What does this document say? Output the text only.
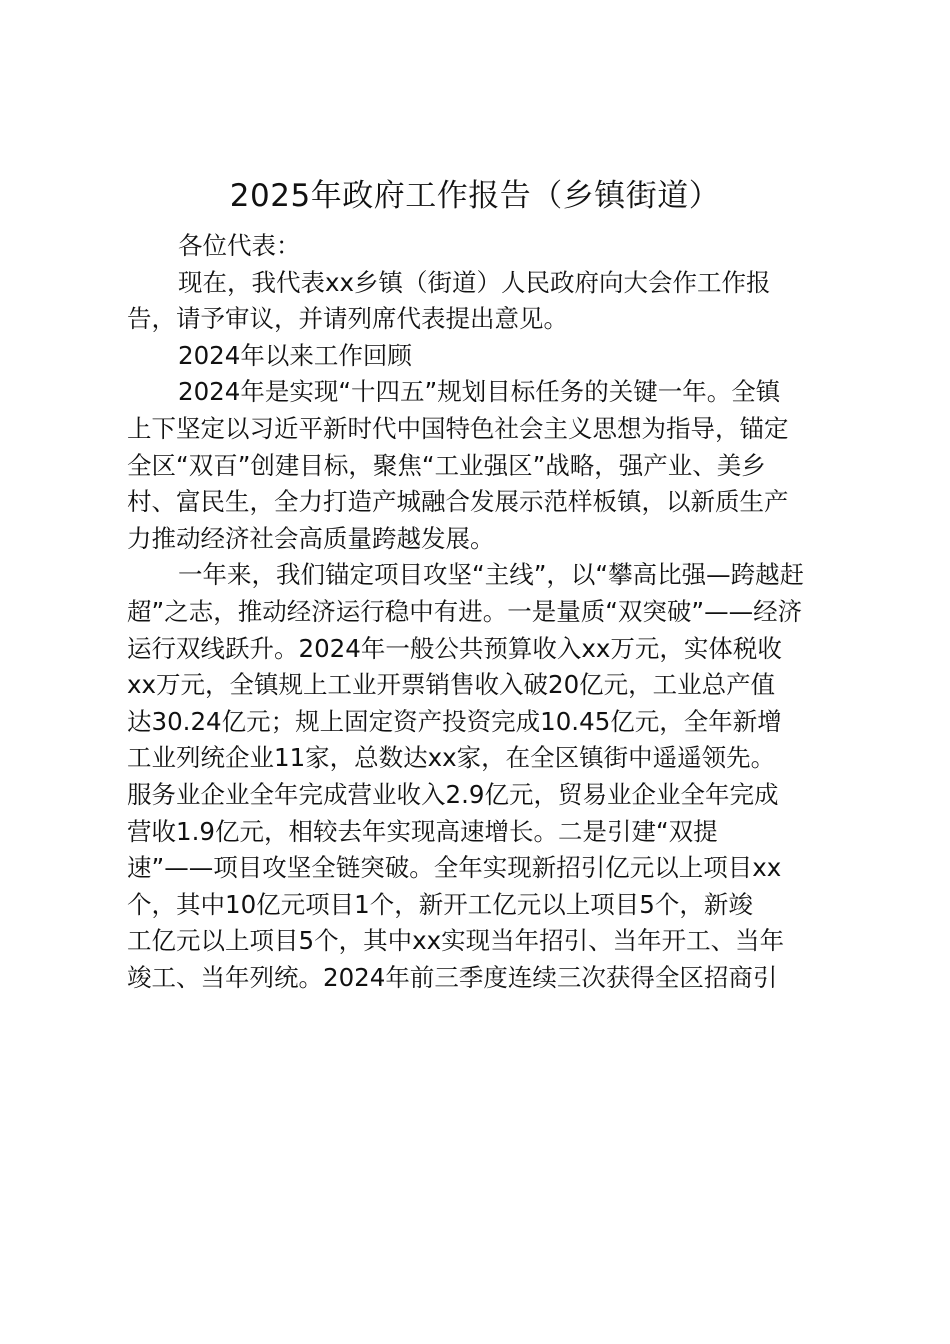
2025年政府工作报告（乡镇街道）
各位代表：
现在，我代表xx乡镇（街道）人民政府向大会作工作报
告，请予审议，并请列席代表提出意见。
2024年以来工作回顾
2024年是实现“十四五”规划目标任务的关键一年。全镇
上下坚定以习近平新时代中国特色社会主义思想为指导，锚定
全区“双百”创建目标，聚焦“工业强区”战略，强产业、美乡
村、富民生，全力打造产城融合发展示范样板镇，以新质生产
力推动经济社会高质量跨越发展。
一年来，我们锚定项目攻坚“主线”，以“攀高比强—跨越赶
超”之志，推动经济运行稳中有进。一是量质“双突破”——经济
运行双线跃升。2024年一般公共预算收入xx万元，实体税收
xx万元，全镇规上工业开票销售收入破20亿元，工业总产值
达30.24亿元；规上固定资产投资完成10.45亿元，全年新增
工业列统企业11家，总数达xx家，在全区镇街中遥遥领先。
服务业企业全年完成营业收入2.9亿元，贸易业企业全年完成
营收1.9亿元，相较去年实现高速增长。二是引建“双提
速”——项目攻坚全链突破。全年实现新招引亿元以上项目xx
个，其中10亿元项目1个，新开工亿元以上项目5个，新竣
工亿元以上项目5个，其中xx实现当年招引、当年开工、当年
竣工、当年列统。2024年前三季度连续三次获得全区招商引
